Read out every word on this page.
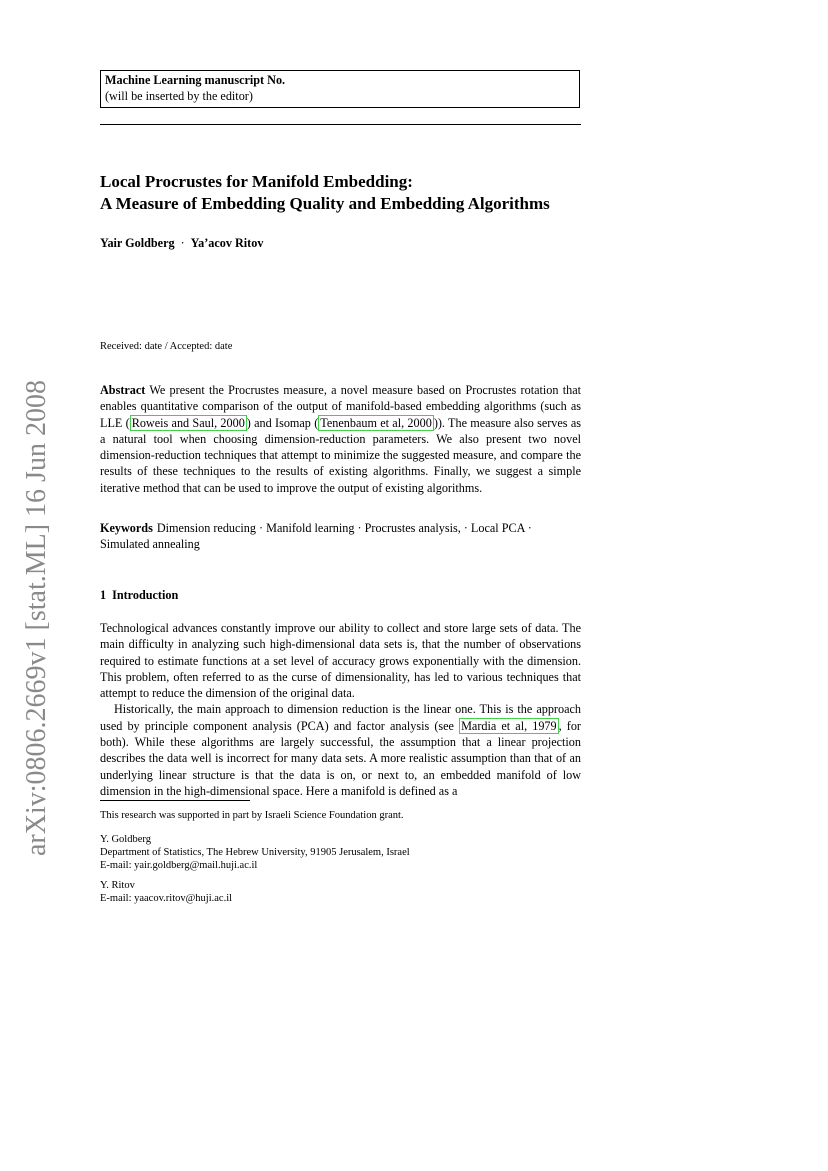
arXiv:0806.2669v1 [stat.ML] 16 Jun 2008
Machine Learning manuscript No.
(will be inserted by the editor)
Local Procrustes for Manifold Embedding:
A Measure of Embedding Quality and Embedding Algorithms
Yair Goldberg · Ya’acov Ritov
Received: date / Accepted: date
Abstract We present the Procrustes measure, a novel measure based on Procrustes rotation that enables quantitative comparison of the output of manifold-based embedding algorithms (such as LLE ( Roweis and Saul, 2000 ) and Isomap ( Tenenbaum et al, 2000 )). The measure also serves as a natural tool when choosing dimension-reduction parameters. We also present two novel dimension-reduction techniques that attempt to minimize the suggested measure, and compare the results of these techniques to the results of existing algorithms. Finally, we suggest a simple iterative method that can be used to improve the output of existing algorithms.
Keywords Dimension reducing · Manifold learning · Procrustes analysis, · Local PCA · Simulated annealing
1 Introduction

Technological advances constantly improve our ability to collect and store large sets of data. The main difficulty in analyzing such high-dimensional data sets is, that the number of observations required to estimate functions at a set level of accuracy grows exponentially with the dimension. This problem, often referred to as the curse of dimensionality, has led to various techniques that attempt to reduce the dimension of the original data.

Historically, the main approach to dimension reduction is the linear one. This is the approach used by principle component analysis (PCA) and factor analysis (see Mardia et al, 1979 , for both). While these algorithms are largely successful, the assumption that a linear projection describes the data well is incorrect for many data sets. A more realistic assumption than that of an underlying linear structure is that the data is on, or next to, an embedded manifold of low dimension in the high-dimensional space. Here a manifold is defined as a

This research was supported in part by Israeli Science Foundation grant.
Y. Goldberg
Department of Statistics, The Hebrew University, 91905 Jerusalem, Israel
E-mail: yair.goldberg@mail.huji.ac.il
Y. Ritov
E-mail: yaacov.ritov@huji.ac.il
